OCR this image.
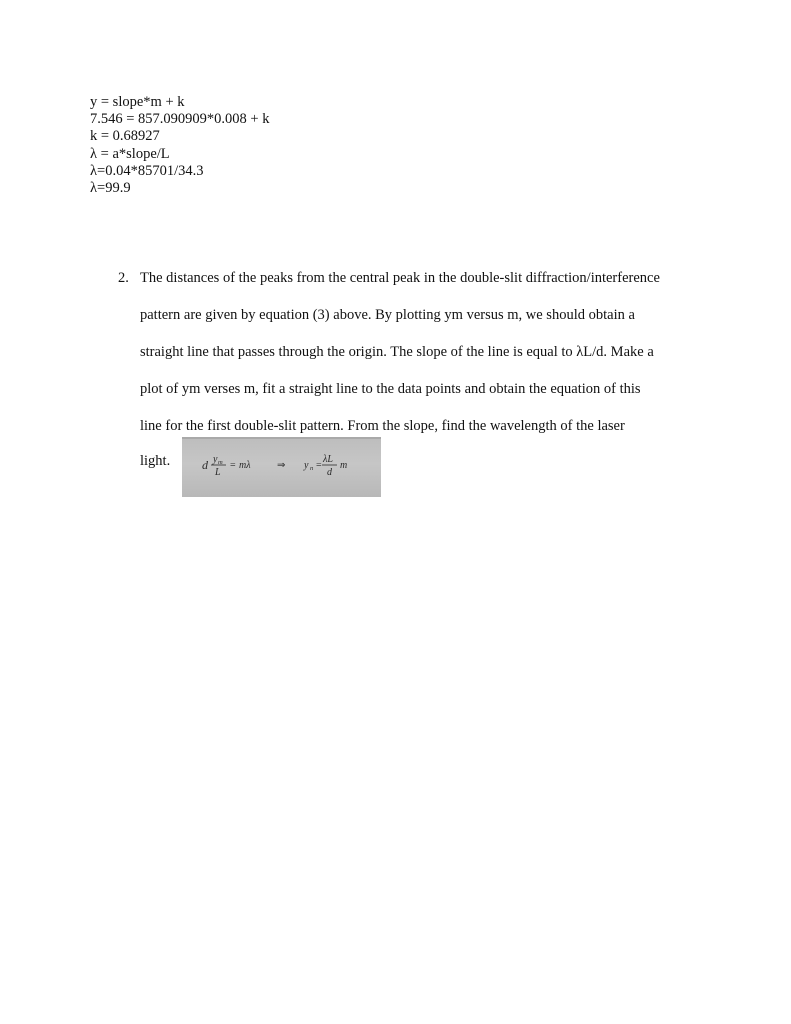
y = slope*m + k
7.546 = 857.090909*0.008 + k
k = 0.68927
λ = a*slope/L
λ=0.04*85701/34.3
λ=99.9
2. The distances of the peaks from the central peak in the double-slit diffraction/interference
pattern are given by equation (3) above. By plotting ym versus m, we should obtain a
straight line that passes through the origin. The slope of the line is equal to λL/d. Make a
plot of ym verses m, fit a straight line to the data points and obtain the equation of this
line for the first double-slit pattern. From the slope, find the wavelength of the laser
light.	d y m
L
= mλ	⇒ y n =
λL
d
m
